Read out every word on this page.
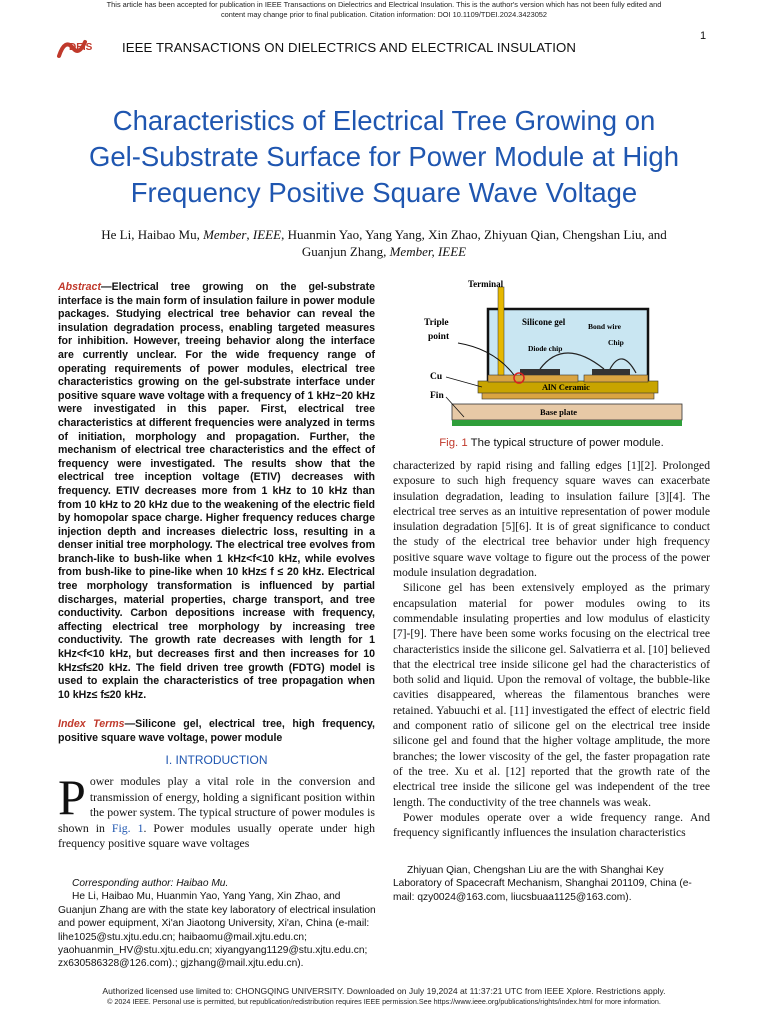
This article has been accepted for publication in IEEE Transactions on Dielectrics and Electrical Insulation. This is the author's version which has not been fully edited and
content may change prior to final publication. Citation information: DOI 10.1109/TDEI.2024.3423052
1
DEIS IEEE TRANSACTIONS ON DIELECTRICS AND ELECTRICAL INSULATION
Characteristics of Electrical Tree Growing on
Gel-Substrate Surface for Power Module at High
Frequency Positive Square Wave Voltage
He Li, Haibao Mu, Member, IEEE, Huanmin Yao, Yang Yang, Xin Zhao, Zhiyuan Qian, Chengshan Liu, and
Guanjun Zhang, Member, IEEE
Abstract—Electrical tree growing on the gel-substrate interface is the main form of insulation failure in power module packages. Studying electrical tree behavior can reveal the insulation degradation process, enabling targeted measures for inhibition. However, treeing behavior along the interface are currently unclear. For the wide frequency range of operating requirements of power modules, electrical tree characteristics growing on the gel-substrate interface under positive square wave voltage with a frequency of 1 kHz~20 kHz were investigated in this paper. First, electrical tree characteristics at different frequencies were analyzed in terms of initiation, morphology and propagation. Further, the mechanism of electrical tree characteristics and the effect of frequency were investigated. The results show that the electrical tree inception voltage (ETIV) decreases with frequency. ETIV decreases more from 1 kHz to 10 kHz than from 10 kHz to 20 kHz due to the weakening of the electric field by homopolar space charge. Higher frequency reduces charge injection depth and increases dielectric loss, resulting in a denser initial tree morphology. The electrical tree evolves from branch-like to bush-like when 1 kHz<f<10 kHz, while evolves from bush-like to pine-like when 10 kHz≤ f ≤ 20 kHz. Electrical tree morphology transformation is influenced by partial discharges, material properties, charge transport, and tree conductivity. Carbon depositions increase with frequency, affecting electrical tree morphology by increasing tree conductivity. The growth rate decreases with length for 1 kHz<f<10 kHz, but decreases first and then increases for 10 kHz≤f≤20 kHz. The field driven tree growth (FDTG) model is used to explain the characteristics of tree propagation when 10 kHz≤ f≤20 kHz.
Index Terms—Silicone gel, electrical tree, high frequency, positive square wave voltage, power module
I. INTRODUCTION
Power modules play a vital role in the conversion and transmission of energy, holding a significant position within the power system. The typical structure of power modules is shown in Fig. 1. Power modules usually operate under high frequency positive square wave voltages
Terminal
Silicone gel	Bond wire
Diode chip
Chip
Triple
point
Cu
Fin
AlN Ceramic
Base plate
Fig. 1 The typical structure of power module.

characterized by rapid rising and falling edges [1][2]. Prolonged exposure to such high frequency square waves can exacerbate insulation degradation, leading to insulation failure [3][4]. The electrical tree serves as an intuitive representation of power module insulation degradation [5][6]. It is of great significance to conduct the study of the electrical tree behavior under high frequency positive square wave voltage to figure out the process of the power module insulation degradation.

Silicone gel has been extensively employed as the primary encapsulation material for power modules owing to its commendable insulating properties and low modulus of elasticity [7]-[9]. There have been some works focusing on the electrical tree characteristics inside the silicone gel. Salvatierra et al. [10] believed that the electrical tree inside silicone gel had the characteristics of both solid and liquid. Upon the removal of voltage, the bubble-like cavities disappeared, whereas the filamentous branches were retained. Yabuuchi et al. [11] investigated the effect of electric field and component ratio of silicone gel on the electrical tree inside silicone gel and found that the higher voltage amplitude, the more branches; the lower viscosity of the gel, the faster propagation rate of the tree. Xu et al. [12] reported that the growth rate of the electrical tree inside the silicone gel was independent of the tree length. The conductivity of the tree channels was weak.

Power modules operate over a wide frequency range. And frequency significantly influences the insulation characteristics

Corresponding author: Haibao Mu.

He Li, Haibao Mu, Huanmin Yao, Yang Yang, Xin Zhao, and Guanjun Zhang are with the state key laboratory of electrical insulation and power equipment, Xi'an Jiaotong University, Xi'an, China (e-mail: lihe1025@stu.xjtu.edu.cn; haibaomu@mail.xjtu.edu.cn; yaohuanmin_HV@stu.xjtu.edu.cn; xiyangyang1129@stu.xjtu.edu.cn; zx630586328@126.com).; gjzhang@mail.xjtu.edu.cn).

Zhiyuan Qian, Chengshan Liu are the with Shanghai Key Laboratory of Spacecraft Mechanism, Shanghai 201109, China (e-mail: qzy0024@163.com, liucsbuaa1125@163.com).

Authorized licensed use limited to: CHONGQING UNIVERSITY. Downloaded on July 19,2024 at 11:37:21 UTC from IEEE Xplore. Restrictions apply.
© 2024 IEEE. Personal use is permitted, but republication/redistribution requires IEEE permission.See https://www.ieee.org/publications/rights/index.html for more information.
